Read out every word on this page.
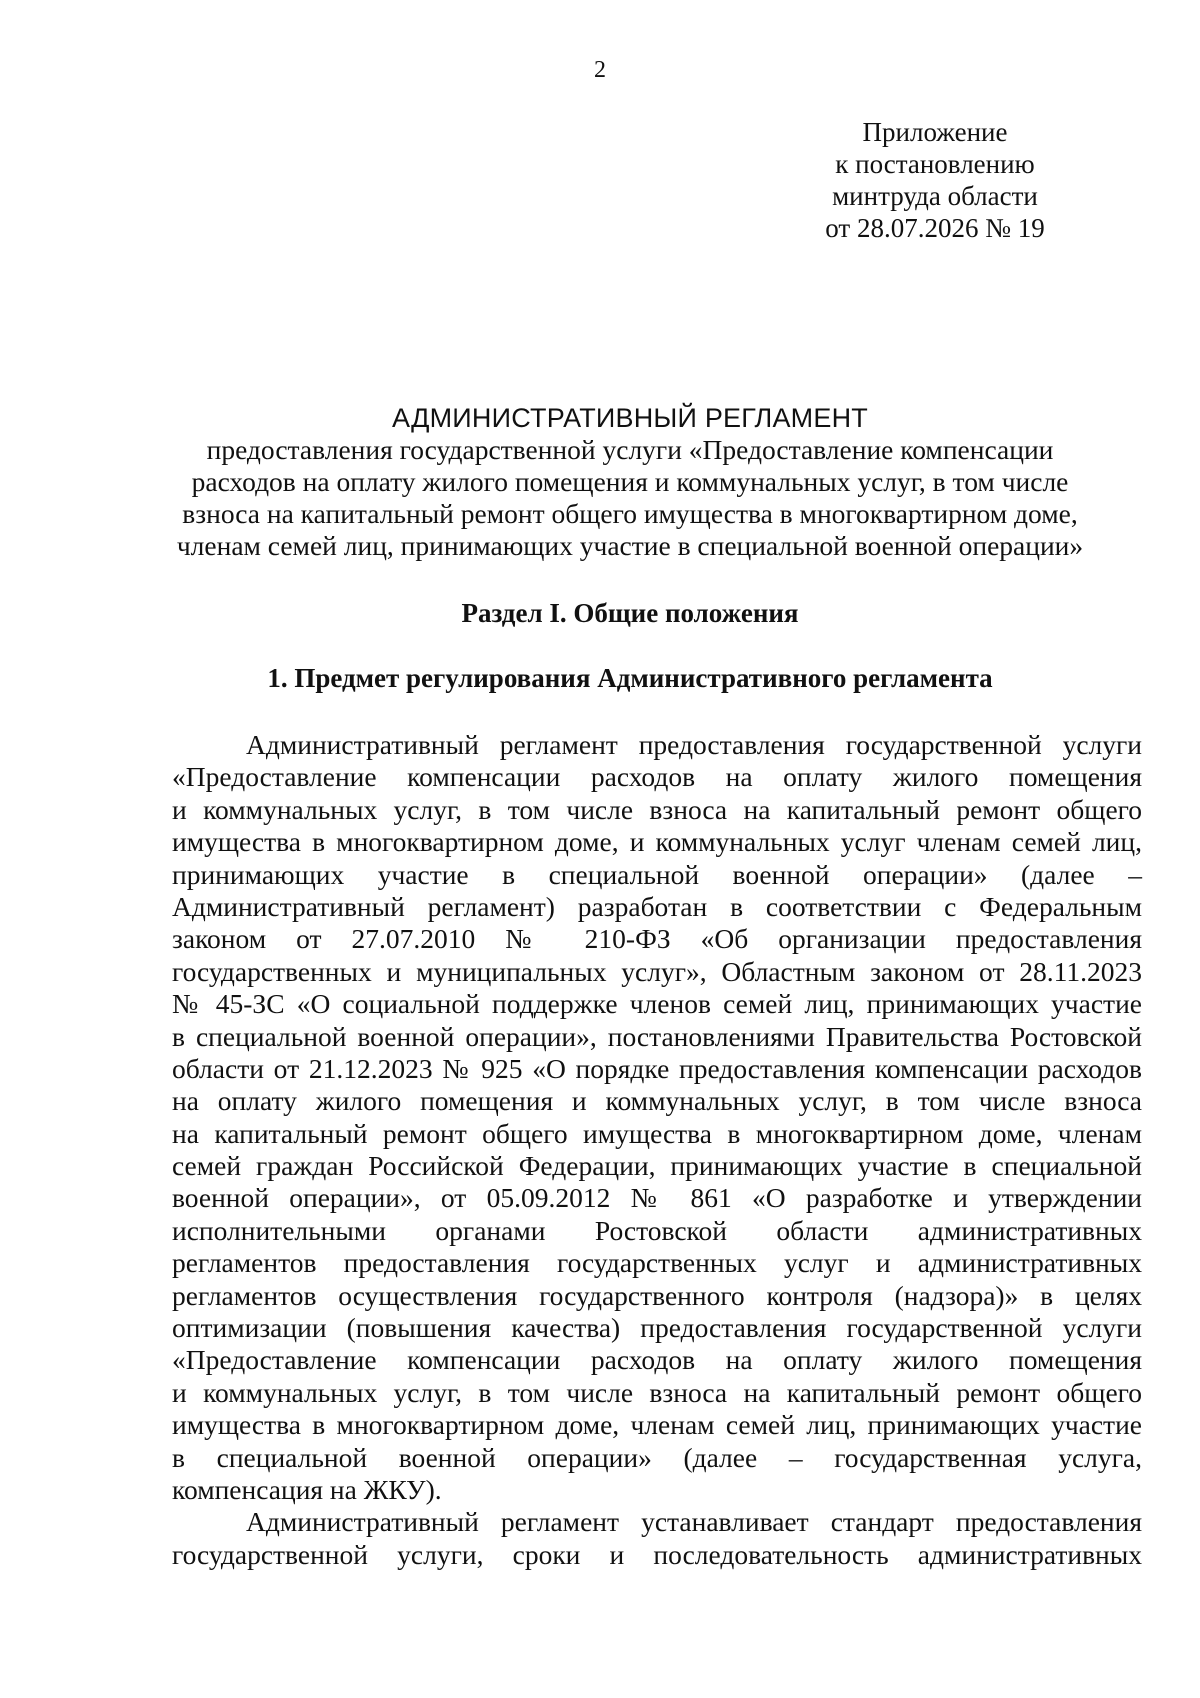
2
Приложение
к постановлению
минтруда области
от 28.07.2026 № 19
АДМИНИСТРАТИВНЫЙ РЕГЛАМЕНТ
предоставления государственной услуги «Предоставление компенсации
расходов на оплату жилого помещения и коммунальных услуг, в том числе
взноса на капитальный ремонт общего имущества в многоквартирном доме,
членам семей лиц, принимающих участие в специальной военной операции»
Раздел I. Общие положения
1. Предмет регулирования Административного регламента
Административный регламент предоставления государственной услуги
«Предоставление компенсации расходов на оплату жилого помещения
и коммунальных услуг, в том числе взноса на капитальный ремонт общего
имущества в многоквартирном доме, и коммунальных услуг членам семей лиц,
принимающих участие в специальной военной операции» (далее –
Административный регламент) разработан в соответствии с Федеральным
законом от 27.07.2010 № 210-ФЗ «Об организации предоставления
государственных и муниципальных услуг», Областным законом от 28.11.2023
№ 45-ЗС «О социальной поддержке членов семей лиц, принимающих участие
в специальной военной операции», постановлениями Правительства Ростовской
области от 21.12.2023 № 925 «О порядке предоставления компенсации расходов
на оплату жилого помещения и коммунальных услуг, в том числе взноса
на капитальный ремонт общего имущества в многоквартирном доме, членам
семей граждан Российской Федерации, принимающих участие в специальной
военной операции», от 05.09.2012 № 861 «О разработке и утверждении
исполнительными органами Ростовской области административных
регламентов предоставления государственных услуг и административных
регламентов осуществления государственного контроля (надзора)» в целях
оптимизации (повышения качества) предоставления государственной услуги
«Предоставление компенсации расходов на оплату жилого помещения
и коммунальных услуг, в том числе взноса на капитальный ремонт общего
имущества в многоквартирном доме, членам семей лиц, принимающих участие
в специальной военной операции» (далее – государственная услуга,
компенсация на ЖКУ).
Административный регламент устанавливает стандарт предоставления
государственной услуги, сроки и последовательность административных
